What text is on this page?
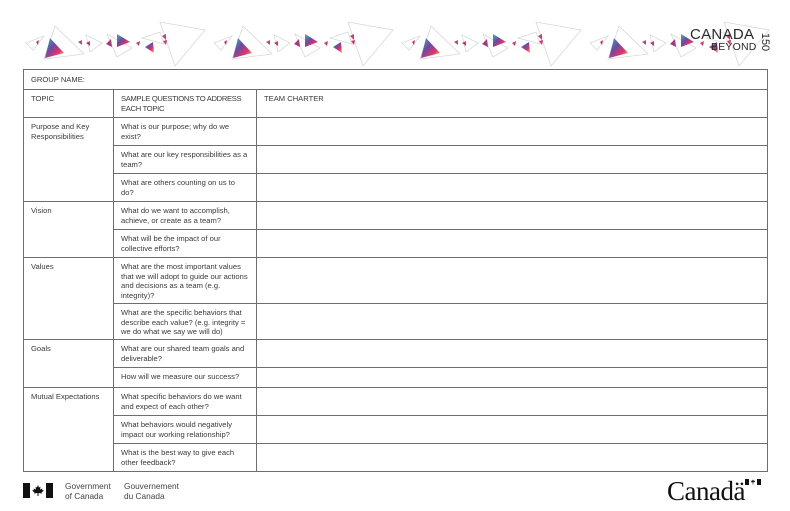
CANADA
BEYOND 150
GROUP NAME:		
TOPIC	SAMPLE QUESTIONS TO ADDRESS EACH TOPIC	TEAM CHARTER
Purpose and Key Responsibilities	What is our purpose; why do we exist?	
	What are our key responsibilities as a team?	
	What are others counting on us to do?	
Vision	What do we want to accomplish, achieve, or create as a team?	
	What will be the impact of our collective efforts?	
Values	What are the most important values that we will adopt to guide our actions and decisions as a team (e.g. integrity)?	
	What are the specific behaviors that describe each value? (e.g. integrity = we do what we say we will do)	
Goals	What are our shared team goals and deliverable?	
	How will we measure our success?	
Mutual Expectations	What specific behaviors do we want and expect of each other?	
	What behaviors would negatively impact our working relationship?	
	What is the best way to give each other feedback?	
Government
of Canada
Gouvernement
du Canada	Canadä
